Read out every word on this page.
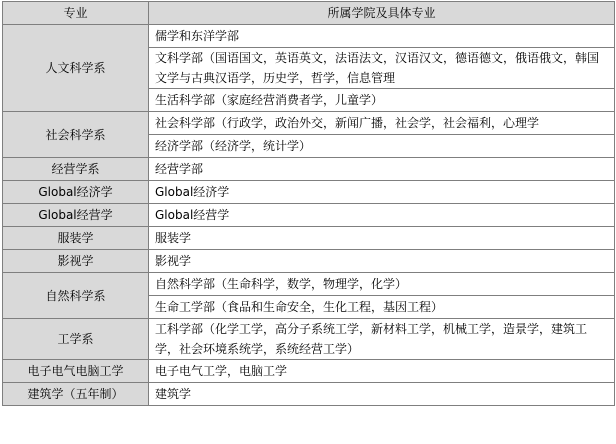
专业	所属学院及具体专业
人文科学系	儒学和东洋学部
	文科学部（国语国文，英语英文，法语法文，汉语汉文，德语德文，俄语俄文，韩国文学与古典汉语学，历史学，哲学，信息管理
	生活科学部（家庭经营消费者学，儿童学）
社会科学系	社会科学部（行政学，政治外交，新闻广播，社会学，社会福利，心理学
	经济学部（经济学，统计学）
经营学系	经营学部
Global经济学	Global经济学
Global经营学	Global经营学
服装学	服装学
影视学	影视学
自然科学系	自然科学部（生命科学，数学，物理学，化学）
	生命工学部（食品和生命安全，生化工程，基因工程）
工学系	工科学部（化学工学，高分子系统工学，新材料工学，机械工学，造景学，建筑工学，社会环境系统学，系统经营工学）
电子电气电脑工学	电子电气工学，电脑工学
建筑学（五年制）	建筑学
